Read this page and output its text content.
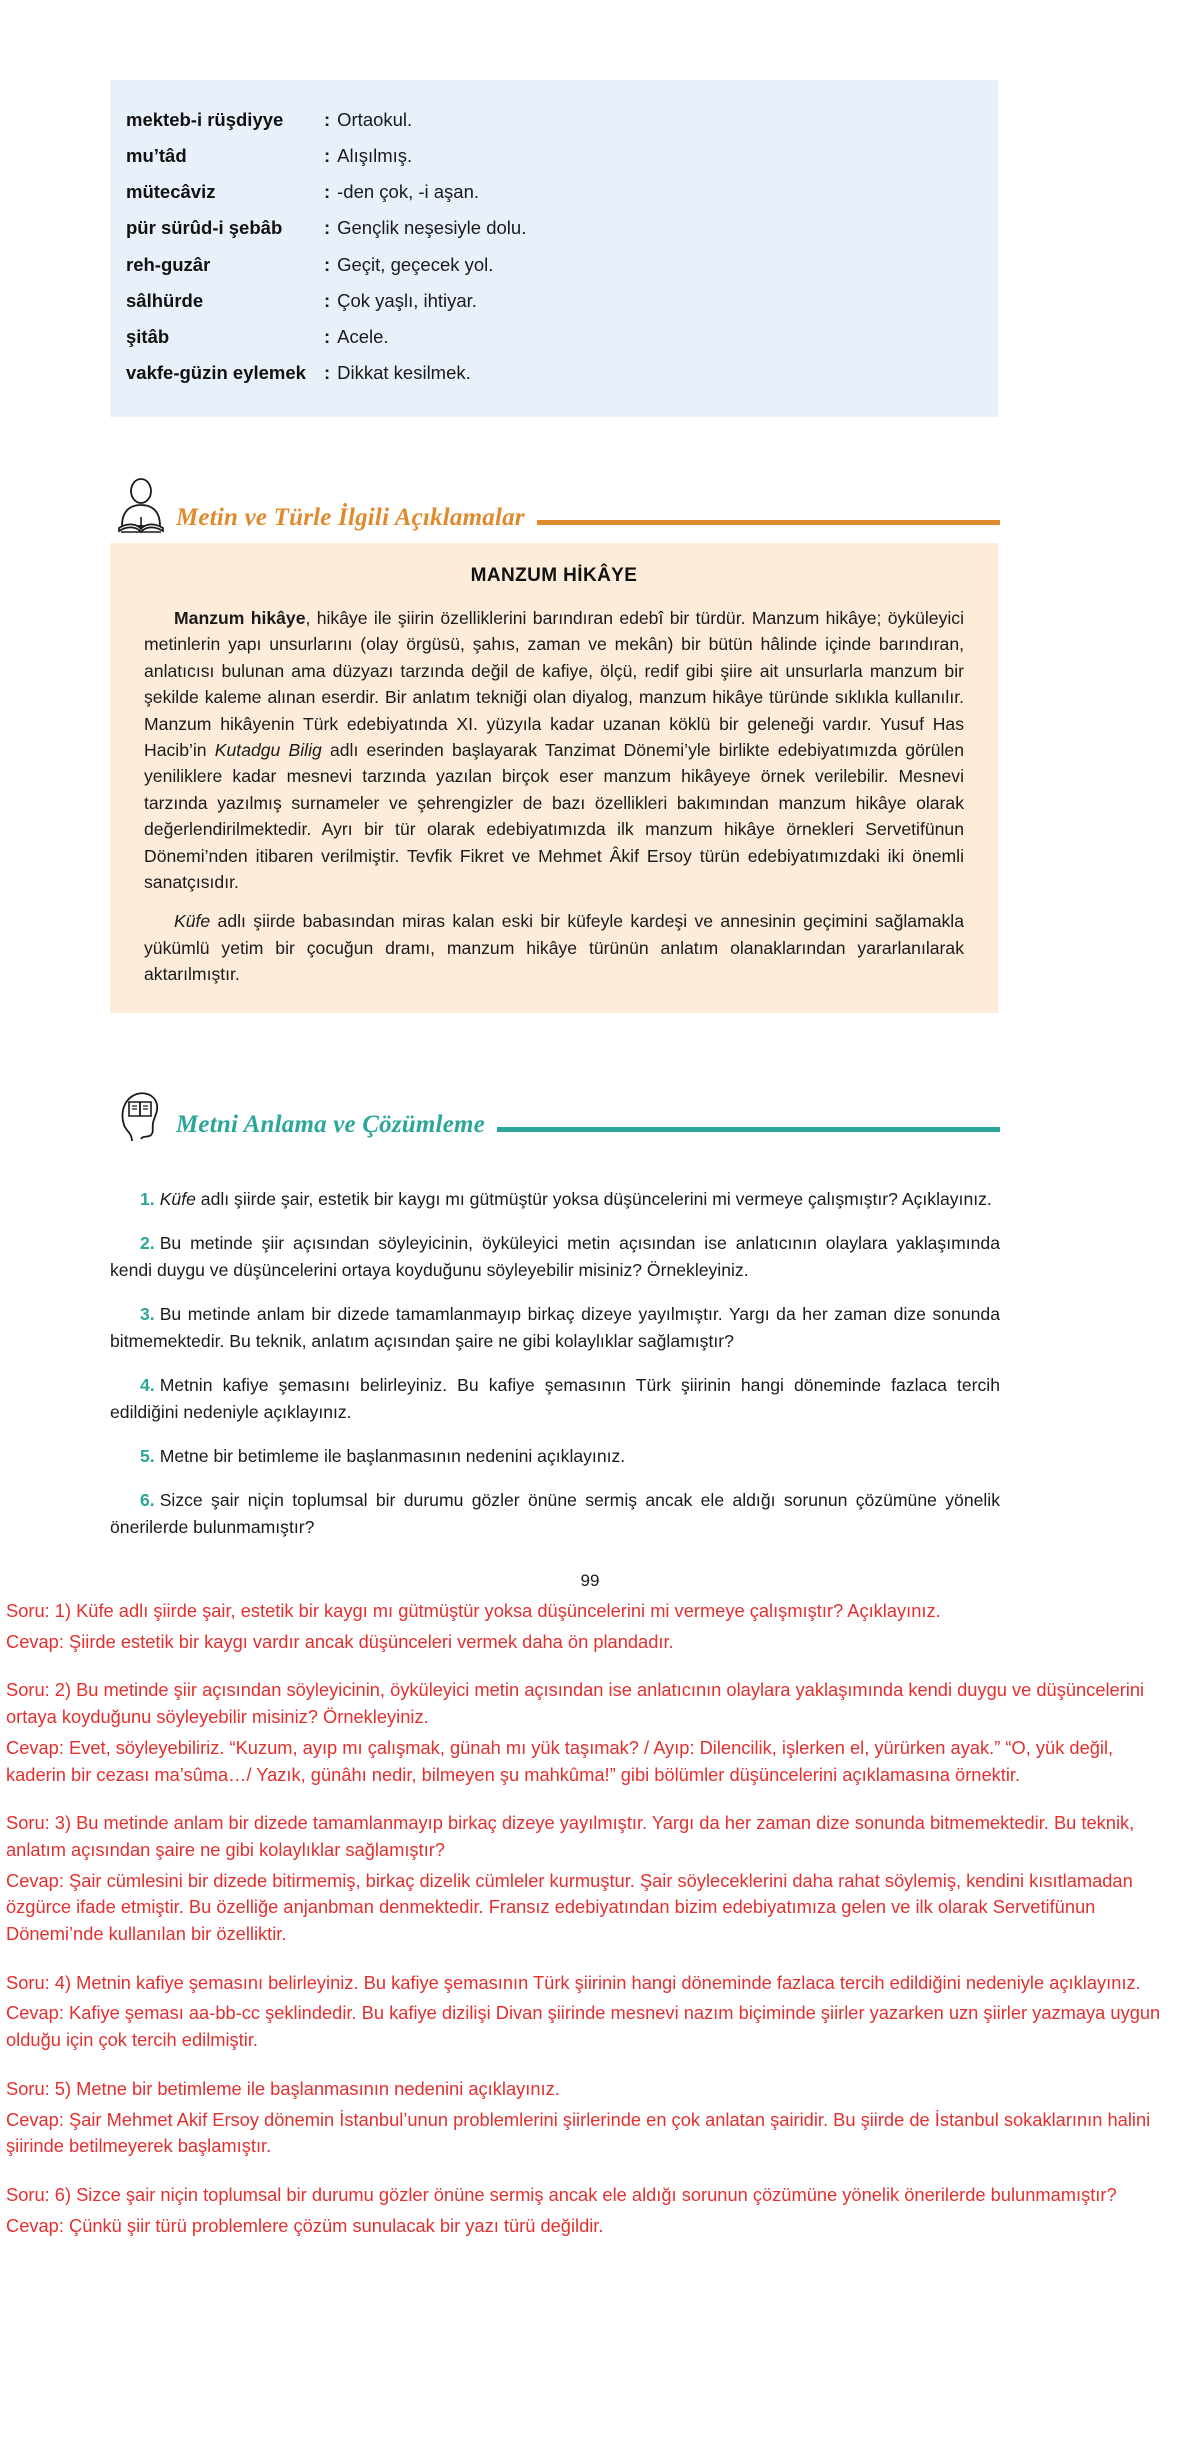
mekteb-i rüşdiyye	:	Ortaokul.
mu’tâd	:	Alışılmış.
mütecâviz	:	-den çok, -i aşan.
pür sürûd-i şebâb	:	Gençlik neşesiyle dolu.
reh-guzâr	:	Geçit, geçecek yol.
sâlhürde	:	Çok yaşlı, ihtiyar.
şitâb	:	Acele.
vakfe-güzin eylemek	:	Dikkat kesilmek.
Metin ve Türle İlgili Açıklamalar
MANZUM HİKÂYE

Manzum hikâye, hikâye ile şiirin özelliklerini barındıran edebî bir türdür. Manzum hikâye; öyküleyici metinlerin yapı unsurlarını (olay örgüsü, şahıs, zaman ve mekân) bir bütün hâlinde içinde barındıran, anlatıcısı bulunan ama düzyazı tarzında değil de kafiye, ölçü, redif gibi şiire ait unsurlarla manzum bir şekilde kaleme alınan eserdir. Bir anlatım tekniği olan diyalog, manzum hikâye türünde sıklıkla kullanılır. Manzum hikâyenin Türk edebiyatında XI. yüzyıla kadar uzanan köklü bir geleneği vardır. Yusuf Has Hacib’in Kutadgu Bilig adlı eserinden başlayarak Tanzimat Dönemi’yle birlikte edebiyatımızda görülen yeniliklere kadar mesnevi tarzında yazılan birçok eser manzum hikâyeye örnek verilebilir. Mesnevi tarzında yazılmış surnameler ve şehrengizler de bazı özellikleri bakımından manzum hikâye olarak değerlendirilmektedir. Ayrı bir tür olarak edebiyatımızda ilk manzum hikâye örnekleri Servetifünun Dönemi’nden itibaren verilmiştir. Tevfik Fikret ve Mehmet Âkif Ersoy türün edebiyatımızdaki iki önemli sanatçısıdır.

Küfe adlı şiirde babasından miras kalan eski bir küfeyle kardeşi ve annesinin geçimini sağlamakla yükümlü yetim bir çocuğun dramı, manzum hikâye türünün anlatım olanaklarından yararlanılarak aktarılmıştır.

Metni Anlama ve Çözümleme

1. Küfe adlı şiirde şair, estetik bir kaygı mı gütmüştür yoksa düşüncelerini mi vermeye çalışmıştır? Açıklayınız.

2. Bu metinde şiir açısından söyleyicinin, öyküleyici metin açısından ise anlatıcının olaylara yaklaşımında kendi duygu ve düşüncelerini ortaya koyduğunu söyleyebilir misiniz? Örnekleyiniz.

3. Bu metinde anlam bir dizede tamamlanmayıp birkaç dizeye yayılmıştır. Yargı da her zaman dize sonunda bitmemektedir. Bu teknik, anlatım açısından şaire ne gibi kolaylıklar sağlamıştır?

4. Metnin kafiye şemasını belirleyiniz. Bu kafiye şemasının Türk şiirinin hangi döneminde fazlaca tercih edildiğini nedeniyle açıklayınız.

5. Metne bir betimleme ile başlanmasının nedenini açıklayınız.

6. Sizce şair niçin toplumsal bir durumu gözler önüne sermiş ancak ele aldığı sorunun çözümüne yönelik önerilerde bulunmamıştır?

99

Soru: 1) Küfe adlı şiirde şair, estetik bir kaygı mı gütmüştür yoksa düşüncelerini mi vermeye çalışmıştır? Açıklayınız.

Cevap: Şiirde estetik bir kaygı vardır ancak düşünceleri vermek daha ön plandadır.

Soru: 2) Bu metinde şiir açısından söyleyicinin, öyküleyici metin açısından ise anlatıcının olaylara yaklaşımında kendi duygu ve düşüncelerini ortaya koyduğunu söyleyebilir misiniz? Örnekleyiniz.

Cevap: Evet, söyleyebiliriz. “Kuzum, ayıp mı çalışmak, günah mı yük taşımak? / Ayıp: Dilencilik, işlerken el, yürürken ayak.” “O, yük değil, kaderin bir cezası ma’sûma…/ Yazık, günâhı nedir, bilmeyen şu mahkûma!” gibi bölümler düşüncelerini açıklamasına örnektir.

Soru: 3) Bu metinde anlam bir dizede tamamlanmayıp birkaç dizeye yayılmıştır. Yargı da her zaman dize sonunda bitmemektedir. Bu teknik, anlatım açısından şaire ne gibi kolaylıklar sağlamıştır?

Cevap: Şair cümlesini bir dizede bitirmemiş, birkaç dizelik cümleler kurmuştur. Şair söyleceklerini daha rahat söylemiş, kendini kısıtlamadan özgürce ifade etmiştir. Bu özelliğe anjanbman denmektedir. Fransız edebiyatından bizim edebiyatımıza gelen ve ilk olarak Servetifünun Dönemi’nde kullanılan bir özelliktir.

Soru: 4) Metnin kafiye şemasını belirleyiniz. Bu kafiye şemasının Türk şiirinin hangi döneminde fazlaca tercih edildiğini nedeniyle açıklayınız.

Cevap: Kafiye şeması aa-bb-cc şeklindedir. Bu kafiye dizilişi Divan şiirinde mesnevi nazım biçiminde şiirler yazarken uzn şiirler yazmaya uygun olduğu için çok tercih edilmiştir.

Soru: 5) Metne bir betimleme ile başlanmasının nedenini açıklayınız.

Cevap: Şair Mehmet Akif Ersoy dönemin İstanbul’unun problemlerini şiirlerinde en çok anlatan şairidir. Bu şiirde de İstanbul sokaklarının halini şiirinde betilmeyerek başlamıştır.

Soru: 6) Sizce şair niçin toplumsal bir durumu gözler önüne sermiş ancak ele aldığı sorunun çözümüne yönelik önerilerde bulunmamıştır?

Cevap: Çünkü şiir türü problemlere çözüm sunulacak bir yazı türü değildir.
